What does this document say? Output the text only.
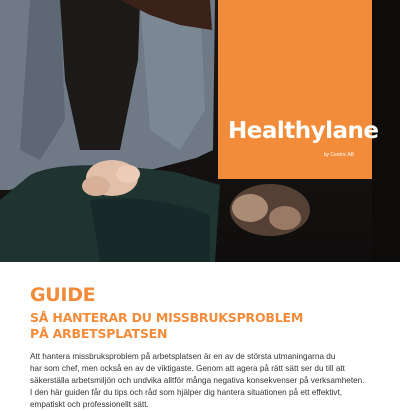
Healthylane
by Centric AB
GUIDE
SÅ HANTERAR DU MISSBRUKSPROBLEM
PÅ ARBETSPLATSEN
Att hantera missbruksproblem på arbetsplatsen är en av de största utmaningarna du
har som chef, men också en av de viktigaste. Genom att agera på rätt sätt ser du till att
säkerställa arbetsmiljön och undvika alltför många negativa konsekvenser på verksamheten.
I den här guiden får du tips och råd som hjälper dig hantera situationen på ett effektivt,
empatiskt och professionellt sätt.
